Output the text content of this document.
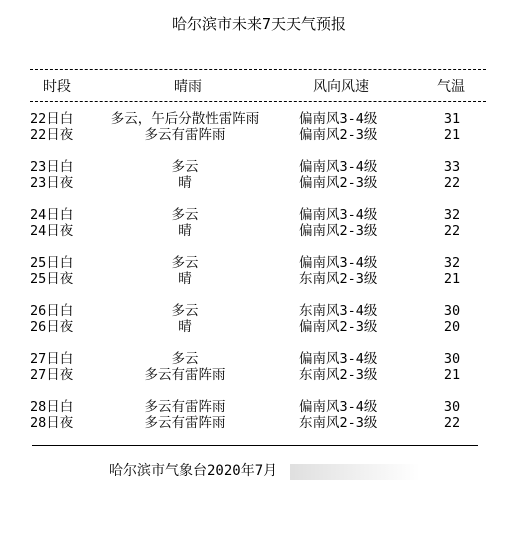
哈尔滨市未来7天天气预报
时段	晴雨	风向风速	气温
22日白	多云，午后分散性雷阵雨	偏南风3-4级	31
22日夜	多云有雷阵雨	偏南风2-3级	21
23日白	多云	偏南风3-4级	33
23日夜	晴	偏南风2-3级	22
24日白	多云	偏南风3-4级	32
24日夜	晴	偏南风2-3级	22
25日白	多云	偏南风3-4级	32
25日夜	晴	东南风2-3级	21
26日白	多云	东南风3-4级	30
26日夜	晴	偏南风2-3级	20
27日白	多云	偏南风3-4级	30
27日夜	多云有雷阵雨	东南风2-3级	21
28日白	多云有雷阵雨	偏南风3-4级	30
28日夜	多云有雷阵雨	东南风2-3级	22
哈尔滨市气象台2020年7月
